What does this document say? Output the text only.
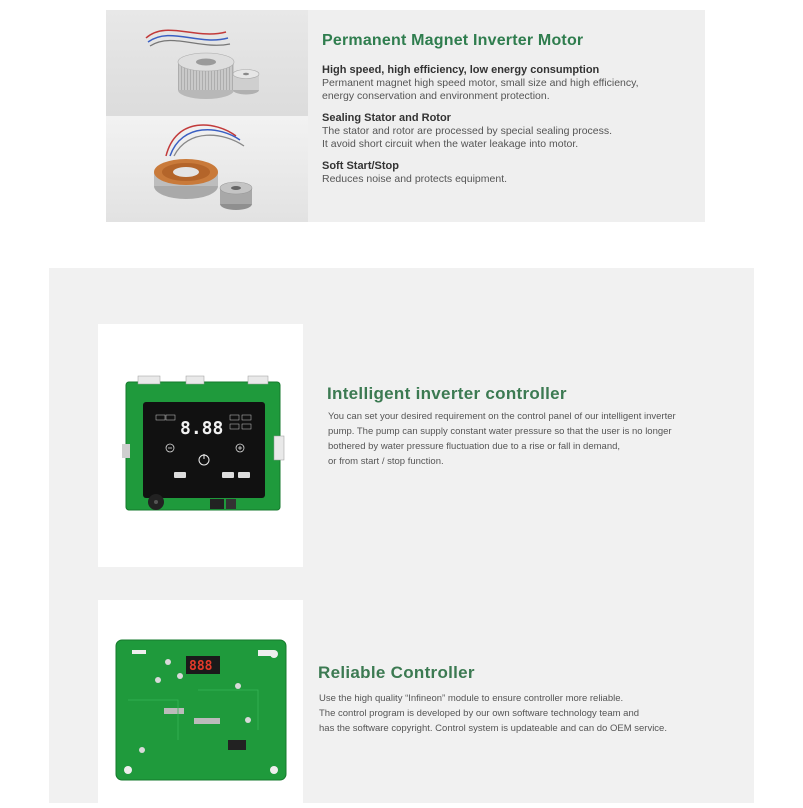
Permanent Magnet Inverter Motor
High speed, high efficiency, low energy consumption
Permanent magnet high speed motor, small size and high efficiency,
energy conservation and environment protection.
Sealing Stator and Rotor
The stator and rotor are processed by special sealing process.
It avoid short circuit when the water leakage into motor.
Soft Start/Stop
Reduces noise and protects equipment.
8.88
Intelligent inverter controller
You can set your desired requirement on the control panel of our intelligent inverter
pump. The pump can supply constant water pressure so that the user is no longer
bothered by water pressure fluctuation due to a rise or fall in demand,
or from start / stop function.
888	Reliable Controller
Use the high quality “Infineon” module to ensure controller more reliable.
The control program is developed by our own software technology team and
has the software copyright. Control system is updateable and can do OEM service.
